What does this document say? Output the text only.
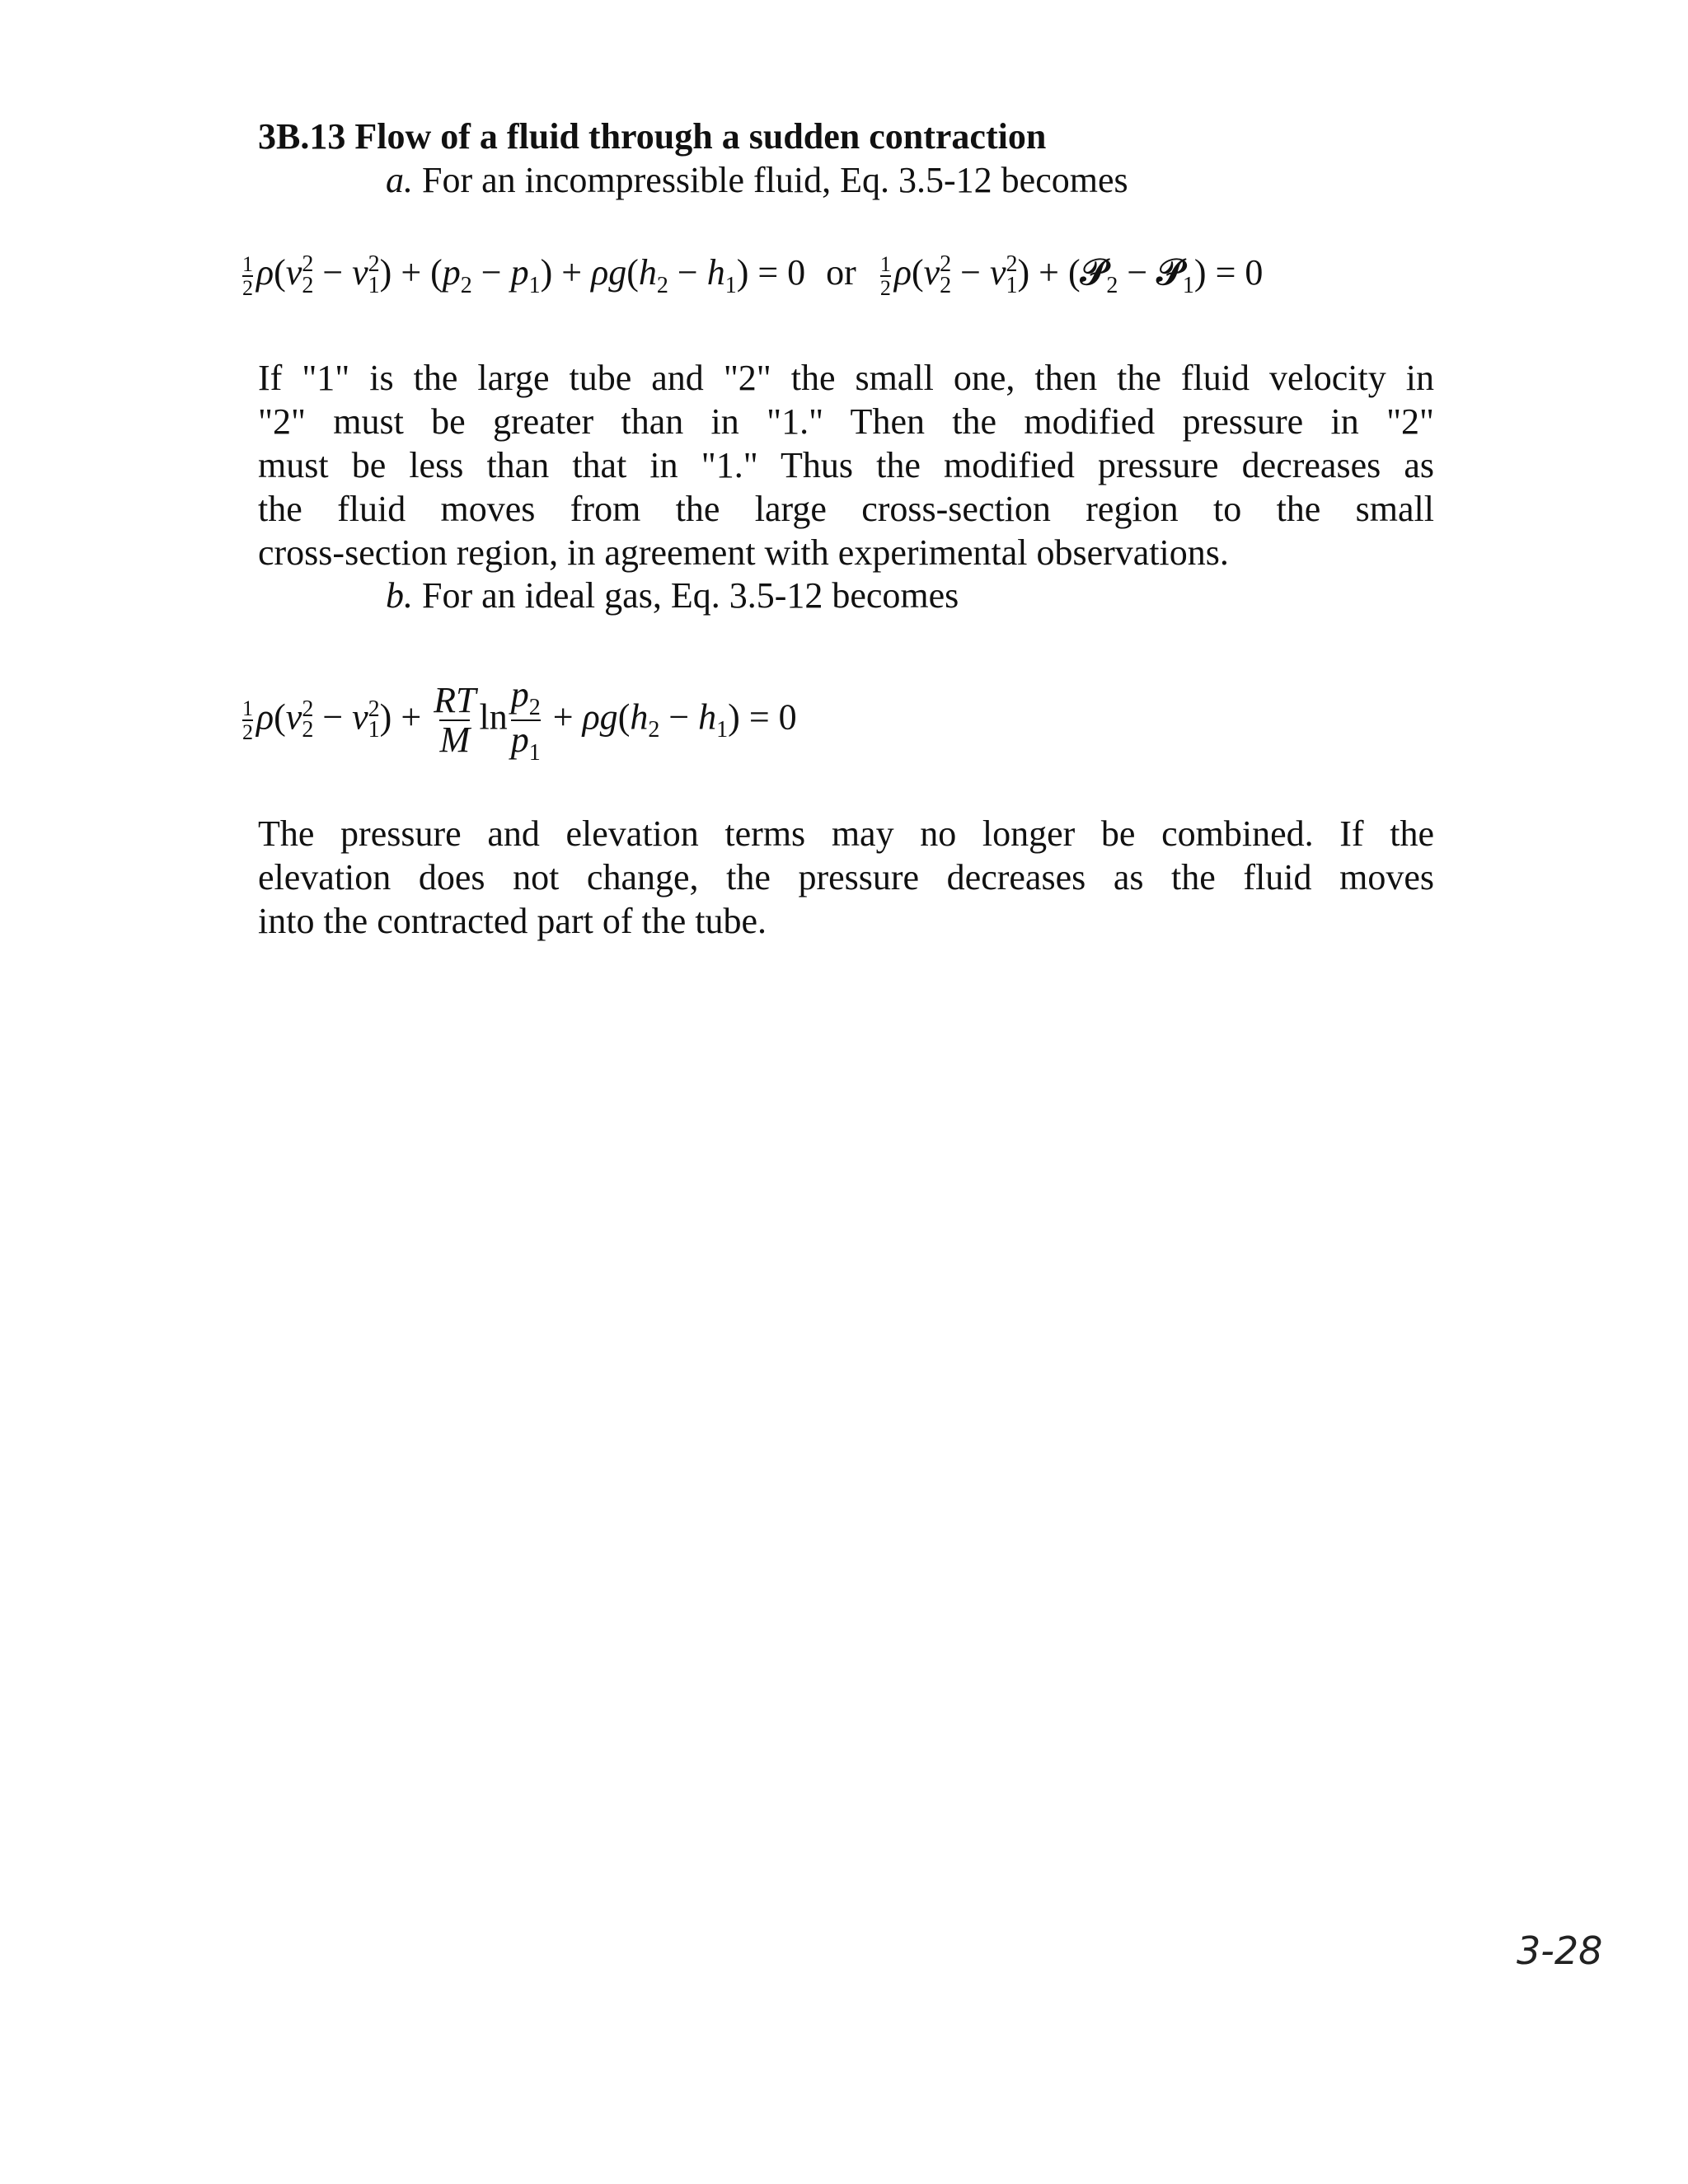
3B.13 Flow of a fluid through a sudden contraction
a. For an incompressible fluid, Eq. 3.5-12 becomes
$\frac{1}{2} \rho(v_2^2 - v_1^2) + (p_2 - p_1) + \rho g(h_2 - h_1) = 0$ or $\frac{1}{2} \rho(v_2^2 - v_1^2)$ + (𝒫$_2$ − 𝒫$_1$) = 0
If "1" is the large tube and "2" the small one, then the fluid velocity in
"2" must be greater than in "1." Then the modified pressure in "2"
must be less than that in "1." Thus the modified pressure decreases as
the fluid moves from the large cross-section region to the small
cross-section region, in agreement with experimental observations.
b. For an ideal gas, Eq. 3.5-12 becomes
$\frac{1}{2} \rho(v_2^2 - v_1^2) + \frac{RT}{M}$ $\ln \frac{p_2}{p_1} + \rho g(h_2 - h_1) = 0$
The pressure and elevation terms may no longer be combined. If the
elevation does not change, the pressure decreases as the fluid moves
into the contracted part of the tube.
3-28
